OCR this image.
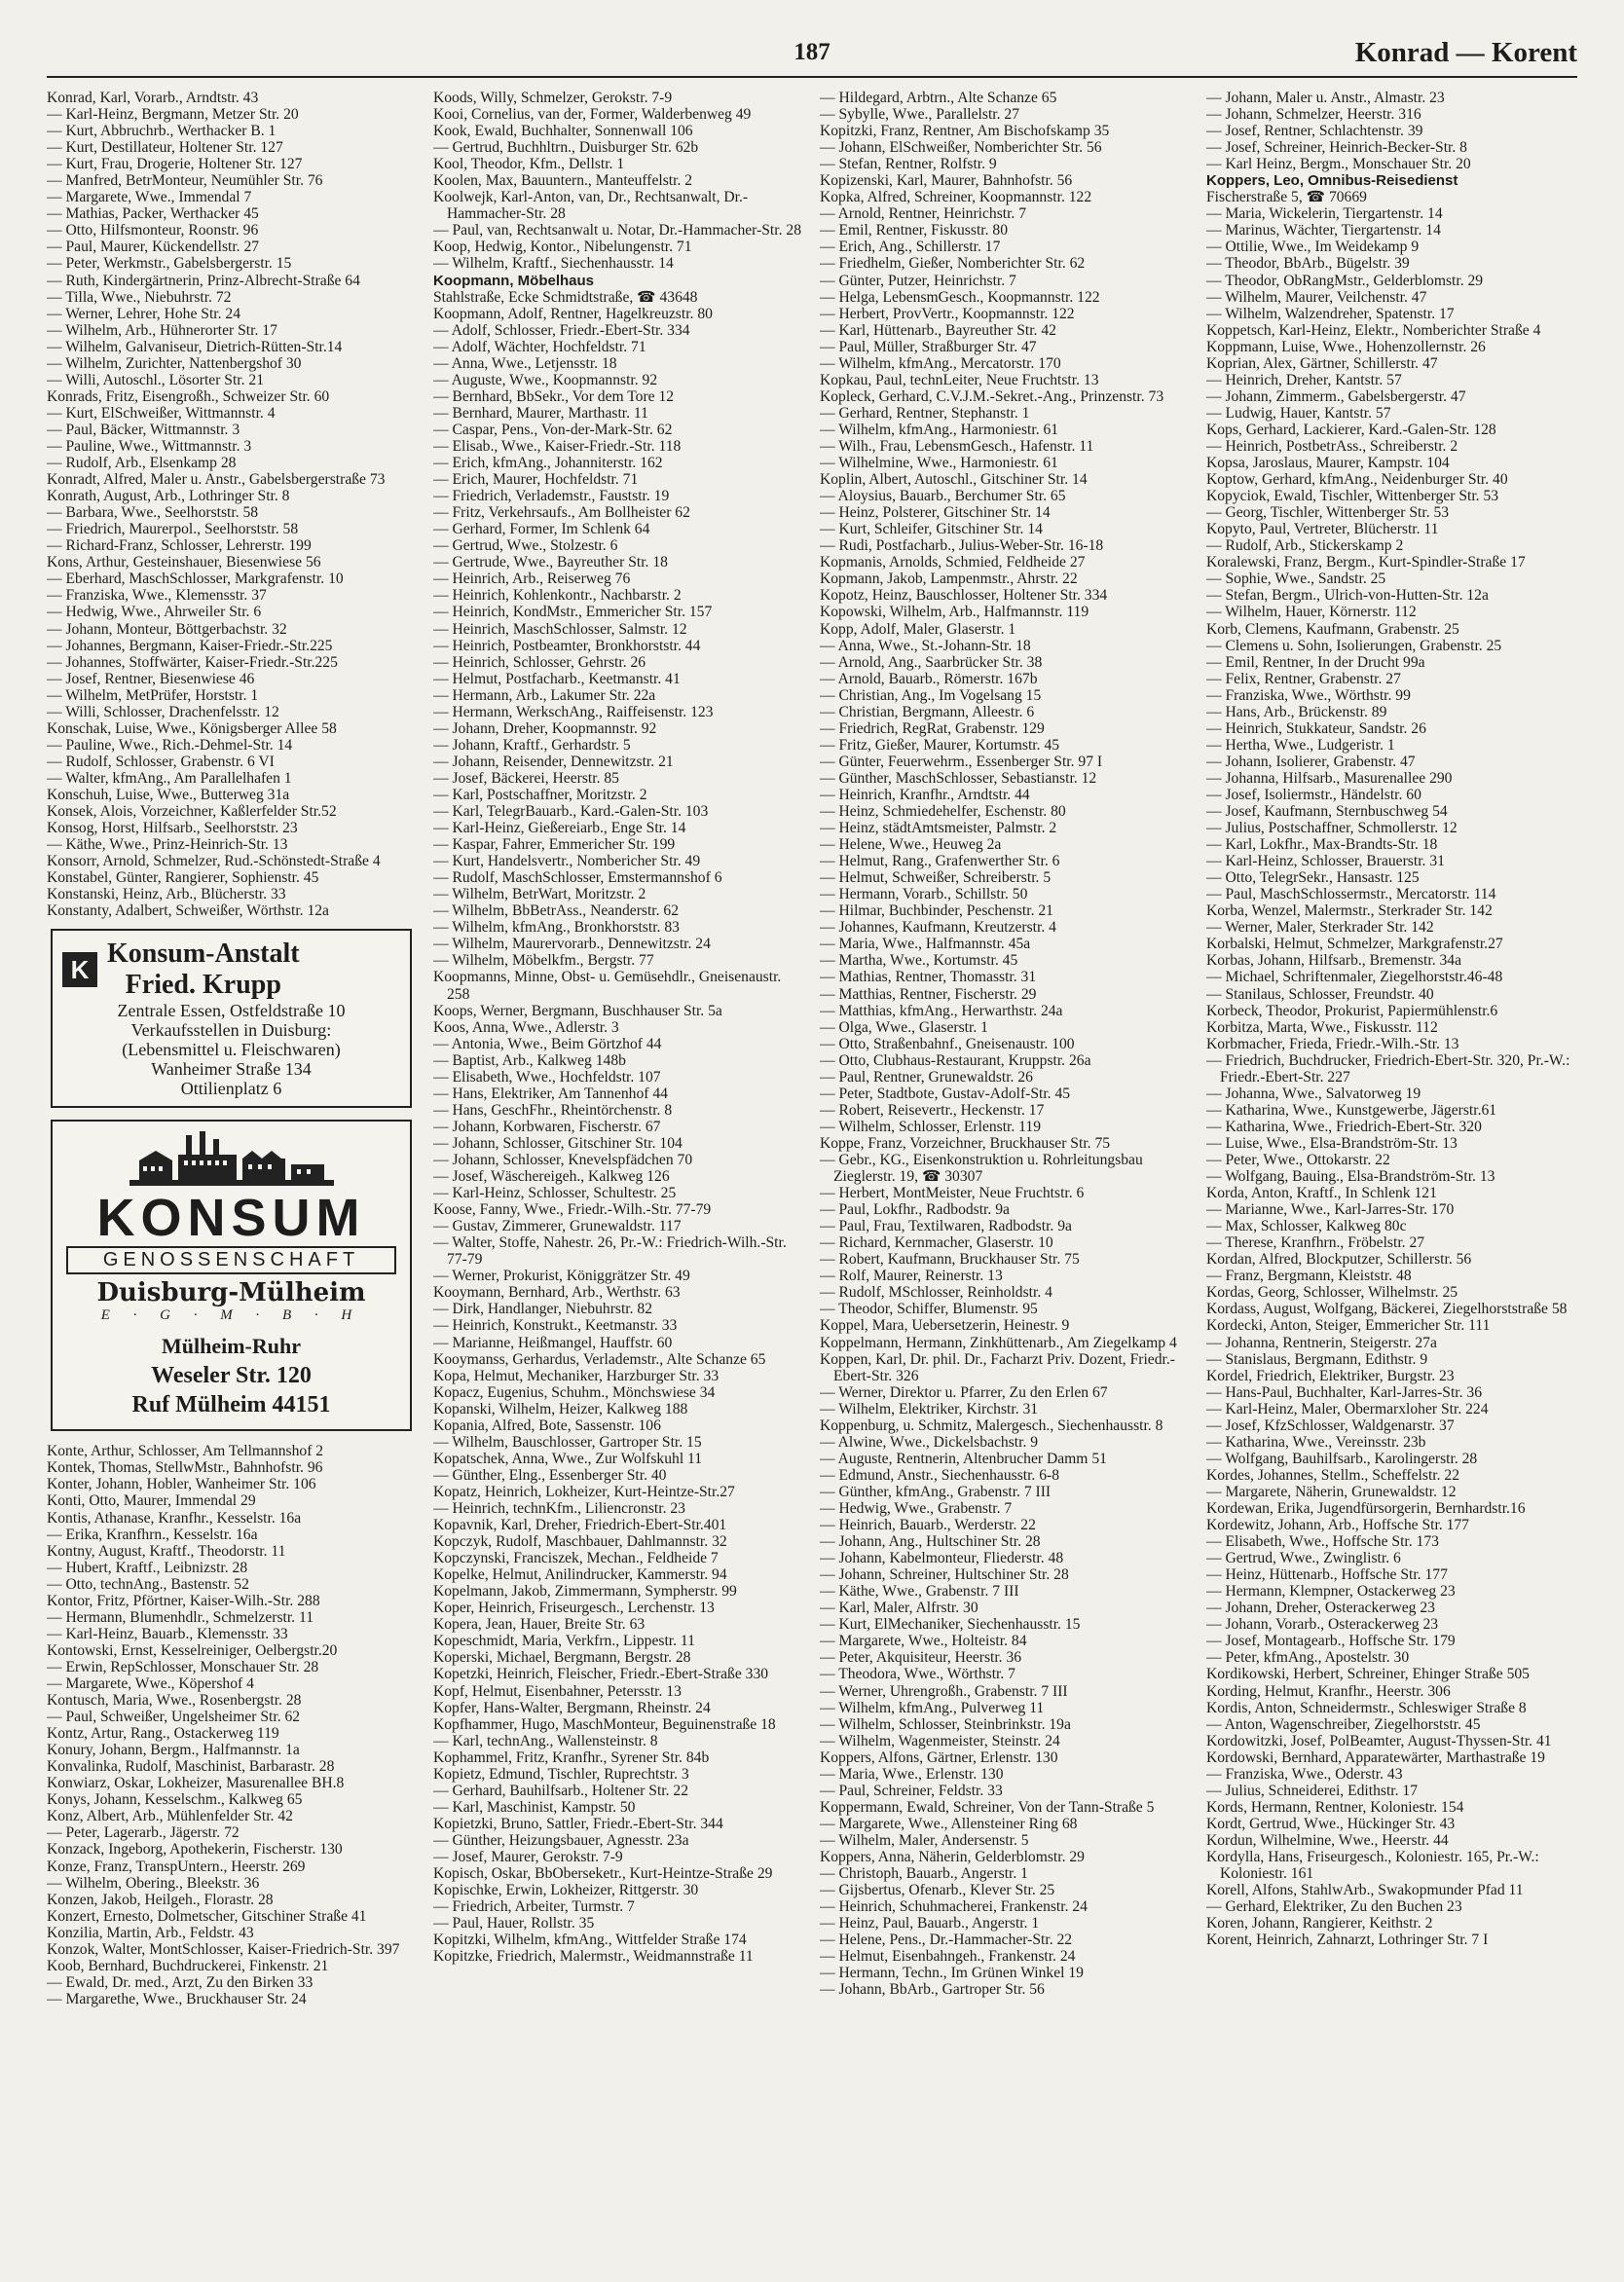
187	Konrad — Korent
Konrad, Karl, Vorarb., Arndtstr. 43
— Karl-Heinz, Bergmann, Metzer Str. 20
— Kurt, Abbruchrb., Werthacker B. 1
— Kurt, Destillateur, Holtener Str. 127
— Kurt, Frau, Drogerie, Holtener Str. 127
— Manfred, BetrMonteur, Neumühler Str. 76
— Margarete, Wwe., Immendal 7
— Mathias, Packer, Werthacker 45
— Otto, Hilfsmonteur, Roonstr. 96
— Paul, Maurer, Kückendellstr. 27
— Peter, Werkmstr., Gabelsbergerstr. 15
— Ruth, Kindergärtnerin, Prinz-Albrecht-Straße 64
— Tilla, Wwe., Niebuhrstr. 72
— Werner, Lehrer, Hohe Str. 24
— Wilhelm, Arb., Hühnerorter Str. 17
— Wilhelm, Galvaniseur, Dietrich-Rütten-Str.14
— Wilhelm, Zurichter, Nattenbergshof 30
— Willi, Autoschl., Lösorter Str. 21
Konrads, Fritz, Eisengroßh., Schweizer Str. 60
— Kurt, ElSchweißer, Wittmannstr. 4
— Paul, Bäcker, Wittmannstr. 3
— Pauline, Wwe., Wittmannstr. 3
— Rudolf, Arb., Elsenkamp 28
Konradt, Alfred, Maler u. Anstr., Gabelsbergerstraße 73
Konrath, August, Arb., Lothringer Str. 8
— Barbara, Wwe., Seelhorststr. 58
— Friedrich, Maurerpol., Seelhorststr. 58
— Richard-Franz, Schlosser, Lehrerstr. 199
Kons, Arthur, Gesteinshauer, Biesenwiese 56
— Eberhard, MaschSchlosser, Markgrafenstr. 10
— Franziska, Wwe., Klemensstr. 37
— Hedwig, Wwe., Ahrweiler Str. 6
— Johann, Monteur, Böttgerbachstr. 32
— Johannes, Bergmann, Kaiser-Friedr.-Str.225
— Johannes, Stoffwärter, Kaiser-Friedr.-Str.225
— Josef, Rentner, Biesenwiese 46
— Wilhelm, MetPrüfer, Horststr. 1
— Willi, Schlosser, Drachenfelsstr. 12
Konschak, Luise, Wwe., Königsberger Allee 58
— Pauline, Wwe., Rich.-Dehmel-Str. 14
— Rudolf, Schlosser, Grabenstr. 6 VI
— Walter, kfmAng., Am Parallelhafen 1
Konschuh, Luise, Wwe., Butterweg 31a
Konsek, Alois, Vorzeichner, Kaßlerfelder Str.52
Konsog, Horst, Hilfsarb., Seelhorststr. 23
— Käthe, Wwe., Prinz-Heinrich-Str. 13
Konsorr, Arnold, Schmelzer, Rud.-Schönstedt-Straße 4
Konstabel, Günter, Rangierer, Sophienstr. 45
Konstanski, Heinz, Arb., Blücherstr. 33
Konstanty, Adalbert, Schweißer, Wörthstr. 12a
K
Konsum-Anstalt
Fried. Krupp
Zentrale Essen, Ostfeldstraße 10
Verkaufsstellen in Duisburg:
(Lebensmittel u. Fleischwaren)
Wanheimer Straße 134
Ottilienplatz 6
KONSUM
GENOSSENSCHAFT
Duisburg-Mülheim
E · G · M · B · H
Mülheim-Ruhr
Weseler Str. 120
Ruf Mülheim 44151
Konte, Arthur, Schlosser, Am Tellmannshof 2
Kontek, Thomas, StellwMstr., Bahnhofstr. 96
Konter, Johann, Hobler, Wanheimer Str. 106
Konti, Otto, Maurer, Immendal 29
Kontis, Athanase, Kranfhr., Kesselstr. 16a
— Erika, Kranfhrn., Kesselstr. 16a
Kontny, August, Kraftf., Theodorstr. 11
— Hubert, Kraftf., Leibnizstr. 28
— Otto, technAng., Bastenstr. 52
Kontor, Fritz, Pförtner, Kaiser-Wilh.-Str. 288
— Hermann, Blumenhdlr., Schmelzerstr. 11
— Karl-Heinz, Bauarb., Klemensstr. 33
Kontowski, Ernst, Kesselreiniger, Oelbergstr.20
— Erwin, RepSchlosser, Monschauer Str. 28
— Margarete, Wwe., Köpershof 4
Kontusch, Maria, Wwe., Rosenbergstr. 28
— Paul, Schweißer, Ungelsheimer Str. 62
Kontz, Artur, Rang., Ostackerweg 119
Konury, Johann, Bergm., Halfmannstr. 1a
Konvalinka, Rudolf, Maschinist, Barbarastr. 28
Konwiarz, Oskar, Lokheizer, Masurenallee BH.8
Konys, Johann, Kesselschm., Kalkweg 65
Konz, Albert, Arb., Mühlenfelder Str. 42
— Peter, Lagerarb., Jägerstr. 72
Konzack, Ingeborg, Apothekerin, Fischerstr. 130
Konze, Franz, TranspUntern., Heerstr. 269
— Wilhelm, Obering., Bleekstr. 36
Konzen, Jakob, Heilgeh., Florastr. 28
Konzert, Ernesto, Dolmetscher, Gitschiner Straße 41
Konzilia, Martin, Arb., Feldstr. 43
Konzok, Walter, MontSchlosser, Kaiser-Friedrich-Str. 397
Koob, Bernhard, Buchdruckerei, Finkenstr. 21
— Ewald, Dr. med., Arzt, Zu den Birken 33
— Margarethe, Wwe., Bruckhauser Str. 24
Koods, Willy, Schmelzer, Gerokstr. 7-9
Kooi, Cornelius, van der, Former, Walderbenweg 49
Kook, Ewald, Buchhalter, Sonnenwall 106
— Gertrud, Buchhltrn., Duisburger Str. 62b
Kool, Theodor, Kfm., Dellstr. 1
Koolen, Max, Bauuntern., Manteuffelstr. 2
Koolwejk, Karl-Anton, van, Dr., Rechtsanwalt, Dr.-Hammacher-Str. 28
— Paul, van, Rechtsanwalt u. Notar, Dr.-Hammacher-Str. 28
Koop, Hedwig, Kontor., Nibelungenstr. 71
— Wilhelm, Kraftf., Siechenhausstr. 14
Koopmann, Möbelhaus
Stahlstraße, Ecke Schmidtstraße, ☎ 43648
Koopmann, Adolf, Rentner, Hagelkreuzstr. 80
— Adolf, Schlosser, Friedr.-Ebert-Str. 334
— Adolf, Wächter, Hochfeldstr. 71
— Anna, Wwe., Letjensstr. 18
— Auguste, Wwe., Koopmannstr. 92
— Bernhard, BbSekr., Vor dem Tore 12
— Bernhard, Maurer, Marthastr. 11
— Caspar, Pens., Von-der-Mark-Str. 62
— Elisab., Wwe., Kaiser-Friedr.-Str. 118
— Erich, kfmAng., Johanniterstr. 162
— Erich, Maurer, Hochfeldstr. 71
— Friedrich, Verlademstr., Fauststr. 19
— Fritz, Verkehrsaufs., Am Bollheister 62
— Gerhard, Former, Im Schlenk 64
— Gertrud, Wwe., Stolzestr. 6
— Gertrude, Wwe., Bayreuther Str. 18
— Heinrich, Arb., Reiserweg 76
— Heinrich, Kohlenkontr., Nachbarstr. 2
— Heinrich, KondMstr., Emmericher Str. 157
— Heinrich, MaschSchlosser, Salmstr. 12
— Heinrich, Postbeamter, Bronkhorststr. 44
— Heinrich, Schlosser, Gehrstr. 26
— Helmut, Postfacharb., Keetmanstr. 41
— Hermann, Arb., Lakumer Str. 22a
— Hermann, WerkschAng., Raiffeisenstr. 123
— Johann, Dreher, Koopmannstr. 92
— Johann, Kraftf., Gerhardstr. 5
— Johann, Reisender, Dennewitzstr. 21
— Josef, Bäckerei, Heerstr. 85
— Karl, Postschaffner, Moritzstr. 2
— Karl, TelegrBauarb., Kard.-Galen-Str. 103
— Karl-Heinz, Gießereiarb., Enge Str. 14
— Kaspar, Fahrer, Emmericher Str. 199
— Kurt, Handelsvertr., Nombericher Str. 49
— Rudolf, MaschSchlosser, Emstermannshof 6
— Wilhelm, BetrWart, Moritzstr. 2
— Wilhelm, BbBetrAss., Neanderstr. 62
— Wilhelm, kfmAng., Bronkhorststr. 83
— Wilhelm, Maurervorarb., Dennewitzstr. 24
— Wilhelm, Möbelkfm., Bergstr. 77
Koopmanns, Minne, Obst- u. Gemüsehdlr., Gneisenaustr. 258
Koops, Werner, Bergmann, Buschhauser Str. 5a
Koos, Anna, Wwe., Adlerstr. 3
— Antonia, Wwe., Beim Görtzhof 44
— Baptist, Arb., Kalkweg 148b
— Elisabeth, Wwe., Hochfeldstr. 107
— Hans, Elektriker, Am Tannenhof 44
— Hans, GeschFhr., Rheintörchenstr. 8
— Johann, Korbwaren, Fischerstr. 67
— Johann, Schlosser, Gitschiner Str. 104
— Johann, Schlosser, Knevelspfädchen 70
— Josef, Wäschereigeh., Kalkweg 126
— Karl-Heinz, Schlosser, Schultestr. 25
Koose, Fanny, Wwe., Friedr.-Wilh.-Str. 77-79
— Gustav, Zimmerer, Grunewaldstr. 117
— Walter, Stoffe, Nahestr. 26, Pr.-W.: Friedrich-Wilh.-Str. 77-79
— Werner, Prokurist, Königgrätzer Str. 49
Kooymann, Bernhard, Arb., Werthstr. 63
— Dirk, Handlanger, Niebuhrstr. 82
— Heinrich, Konstrukt., Keetmanstr. 33
— Marianne, Heißmangel, Hauffstr. 60
Kooymanss, Gerhardus, Verlademstr., Alte Schanze 65
Kopa, Helmut, Mechaniker, Harzburger Str. 33
Kopacz, Eugenius, Schuhm., Mönchswiese 34
Kopanski, Wilhelm, Heizer, Kalkweg 188
Kopania, Alfred, Bote, Sassenstr. 106
— Wilhelm, Bauschlosser, Gartroper Str. 15
Kopatschek, Anna, Wwe., Zur Wolfskuhl 11
— Günther, Elng., Essenberger Str. 40
Kopatz, Heinrich, Lokheizer, Kurt-Heintze-Str.27
— Heinrich, technKfm., Liliencronstr. 23
Kopavnik, Karl, Dreher, Friedrich-Ebert-Str.401
Kopczyk, Rudolf, Maschbauer, Dahlmannstr. 32
Kopczynski, Franciszek, Mechan., Feldheide 7
Kopelke, Helmut, Anilindrucker, Kammerstr. 94
Kopelmann, Jakob, Zimmermann, Sympherstr. 99
Koper, Heinrich, Friseurgesch., Lerchenstr. 13
Kopera, Jean, Hauer, Breite Str. 63
Kopeschmidt, Maria, Verkfrn., Lippestr. 11
Koperski, Michael, Bergmann, Bergstr. 28
Kopetzki, Heinrich, Fleischer, Friedr.-Ebert-Straße 330
Kopf, Helmut, Eisenbahner, Petersstr. 13
Kopfer, Hans-Walter, Bergmann, Rheinstr. 24
Kopfhammer, Hugo, MaschMonteur, Beguinenstraße 18
— Karl, technAng., Wallensteinstr. 8
Kophammel, Fritz, Kranfhr., Syrener Str. 84b
Kopietz, Edmund, Tischler, Ruprechtstr. 3
— Gerhard, Bauhilfsarb., Holtener Str. 22
— Karl, Maschinist, Kampstr. 50
Kopietzki, Bruno, Sattler, Friedr.-Ebert-Str. 344
— Günther, Heizungsbauer, Agnesstr. 23a
— Josef, Maurer, Gerokstr. 7-9
Kopisch, Oskar, BbOberseketr., Kurt-Heintze-Straße 29
Kopischke, Erwin, Lokheizer, Rittgerstr. 30
— Friedrich, Arbeiter, Turmstr. 7
— Paul, Hauer, Rollstr. 35
Kopitzki, Wilhelm, kfmAng., Wittfelder Straße 174
Kopitzke, Friedrich, Malermstr., Weidmannstraße 11
— Hildegard, Arbtrn., Alte Schanze 65
— Sybylle, Wwe., Parallelstr. 27
Kopitzki, Franz, Rentner, Am Bischofskamp 35
— Johann, ElSchweißer, Nomberichter Str. 56
— Stefan, Rentner, Rolfstr. 9
Kopizenski, Karl, Maurer, Bahnhofstr. 56
Kopka, Alfred, Schreiner, Koopmannstr. 122
— Arnold, Rentner, Heinrichstr. 7
— Emil, Rentner, Fiskusstr. 80
— Erich, Ang., Schillerstr. 17
— Friedhelm, Gießer, Nomberichter Str. 62
— Günter, Putzer, Heinrichstr. 7
— Helga, LebensmGesch., Koopmannstr. 122
— Herbert, ProvVertr., Koopmannstr. 122
— Karl, Hüttenarb., Bayreuther Str. 42
— Paul, Müller, Straßburger Str. 47
— Wilhelm, kfmAng., Mercatorstr. 170
Kopkau, Paul, technLeiter, Neue Fruchtstr. 13
Kopleck, Gerhard, C.V.J.M.-Sekret.-Ang., Prinzenstr. 73
— Gerhard, Rentner, Stephanstr. 1
— Wilhelm, kfmAng., Harmoniestr. 61
— Wilh., Frau, LebensmGesch., Hafenstr. 11
— Wilhelmine, Wwe., Harmoniestr. 61
Koplin, Albert, Autoschl., Gitschiner Str. 14
— Aloysius, Bauarb., Berchumer Str. 65
— Heinz, Polsterer, Gitschiner Str. 14
— Kurt, Schleifer, Gitschiner Str. 14
— Rudi, Postfacharb., Julius-Weber-Str. 16-18
Kopmanis, Arnolds, Schmied, Feldheide 27
Kopmann, Jakob, Lampenmstr., Ahrstr. 22
Kopotz, Heinz, Bauschlosser, Holtener Str. 334
Kopowski, Wilhelm, Arb., Halfmannstr. 119
Kopp, Adolf, Maler, Glaserstr. 1
— Anna, Wwe., St.-Johann-Str. 18
— Arnold, Ang., Saarbrücker Str. 38
— Arnold, Bauarb., Römerstr. 167b
— Christian, Ang., Im Vogelsang 15
— Christian, Bergmann, Alleestr. 6
— Friedrich, RegRat, Grabenstr. 129
— Fritz, Gießer, Maurer, Kortumstr. 45
— Günter, Feuerwehrm., Essenberger Str. 97 I
— Günther, MaschSchlosser, Sebastianstr. 12
— Heinrich, Kranfhr., Arndtstr. 44
— Heinz, Schmiedehelfer, Eschenstr. 80
— Heinz, städtAmtsmeister, Palmstr. 2
— Helene, Wwe., Heuweg 2a
— Helmut, Rang., Grafenwerther Str. 6
— Helmut, Schweißer, Schreiberstr. 5
— Hermann, Vorarb., Schillstr. 50
— Hilmar, Buchbinder, Peschenstr. 21
— Johannes, Kaufmann, Kreutzerstr. 4
— Maria, Wwe., Halfmannstr. 45a
— Martha, Wwe., Kortumstr. 45
— Mathias, Rentner, Thomasstr. 31
— Matthias, Rentner, Fischerstr. 29
— Matthias, kfmAng., Herwarthstr. 24a
— Olga, Wwe., Glaserstr. 1
— Otto, Straßenbahnf., Gneisenaustr. 100
— Otto, Clubhaus-Restaurant, Kruppstr. 26a
— Paul, Rentner, Grunewaldstr. 26
— Peter, Stadtbote, Gustav-Adolf-Str. 45
— Robert, Reisevertr., Heckenstr. 17
— Wilhelm, Schlosser, Erlenstr. 119
Koppe, Franz, Vorzeichner, Bruckhauser Str. 75
— Gebr., KG., Eisenkonstruktion u. Rohrleitungsbau Zieglerstr. 19, ☎ 30307
— Herbert, MontMeister, Neue Fruchtstr. 6
— Paul, Lokfhr., Radbodstr. 9a
— Paul, Frau, Textilwaren, Radbodstr. 9a
— Richard, Kernmacher, Glaserstr. 10
— Robert, Kaufmann, Bruckhauser Str. 75
— Rolf, Maurer, Reinerstr. 13
— Rudolf, MSchlosser, Reinholdstr. 4
— Theodor, Schiffer, Blumenstr. 95
Koppel, Mara, Uebersetzerin, Heinestr. 9
Koppelmann, Hermann, Zinkhüttenarb., Am Ziegelkamp 4
Koppen, Karl, Dr. phil. Dr., Facharzt Priv. Dozent, Friedr.-Ebert-Str. 326
— Werner, Direktor u. Pfarrer, Zu den Erlen 67
— Wilhelm, Elektriker, Kirchstr. 31
Koppenburg, u. Schmitz, Malergesch., Siechenhausstr. 8
— Alwine, Wwe., Dickelsbachstr. 9
— Auguste, Rentnerin, Altenbrucher Damm 51
— Edmund, Anstr., Siechenhausstr. 6-8
— Günther, kfmAng., Grabenstr. 7 III
— Hedwig, Wwe., Grabenstr. 7
— Heinrich, Bauarb., Werderstr. 22
— Johann, Ang., Hultschiner Str. 28
— Johann, Kabelmonteur, Fliederstr. 48
— Johann, Schreiner, Hultschiner Str. 28
— Käthe, Wwe., Grabenstr. 7 III
— Karl, Maler, Alfrstr. 30
— Kurt, ElMechaniker, Siechenhausstr. 15
— Margarete, Wwe., Holteistr. 84
— Peter, Akquisiteur, Heerstr. 36
— Theodora, Wwe., Wörthstr. 7
— Werner, Uhrengroßh., Grabenstr. 7 III
— Wilhelm, kfmAng., Pulverweg 11
— Wilhelm, Schlosser, Steinbrinkstr. 19a
— Wilhelm, Wagenmeister, Steinstr. 24
Koppers, Alfons, Gärtner, Erlenstr. 130
— Maria, Wwe., Erlenstr. 130
— Paul, Schreiner, Feldstr. 33
Koppermann, Ewald, Schreiner, Von der Tann-Straße 5
— Margarete, Wwe., Allensteiner Ring 68
— Wilhelm, Maler, Andersenstr. 5
Koppers, Anna, Näherin, Gelderblomstr. 29
— Christoph, Bauarb., Angerstr. 1
— Gijsbertus, Ofenarb., Klever Str. 25
— Heinrich, Schuhmacherei, Frankenstr. 24
— Heinz, Paul, Bauarb., Angerstr. 1
— Helene, Pens., Dr.-Hammacher-Str. 22
— Helmut, Eisenbahngeh., Frankenstr. 24
— Hermann, Techn., Im Grünen Winkel 19
— Johann, BbArb., Gartroper Str. 56
— Johann, Maler u. Anstr., Almastr. 23
— Johann, Schmelzer, Heerstr. 316
— Josef, Rentner, Schlachtenstr. 39
— Josef, Schreiner, Heinrich-Becker-Str. 8
— Karl Heinz, Bergm., Monschauer Str. 20
Koppers, Leo, Omnibus-Reisedienst
Fischerstraße 5, ☎ 70669
— Maria, Wickelerin, Tiergartenstr. 14
— Marinus, Wächter, Tiergartenstr. 14
— Ottilie, Wwe., Im Weidekamp 9
— Theodor, BbArb., Bügelstr. 39
— Theodor, ObRangMstr., Gelderblomstr. 29
— Wilhelm, Maurer, Veilchenstr. 47
— Wilhelm, Walzendreher, Spatenstr. 17
Koppetsch, Karl-Heinz, Elektr., Nomberichter Straße 4
Koppmann, Luise, Wwe., Hohenzollernstr. 26
Koprian, Alex, Gärtner, Schillerstr. 47
— Heinrich, Dreher, Kantstr. 57
— Johann, Zimmerm., Gabelsbergerstr. 47
— Ludwig, Hauer, Kantstr. 57
Kops, Gerhard, Lackierer, Kard.-Galen-Str. 128
— Heinrich, PostbetrAss., Schreiberstr. 2
Kopsa, Jaroslaus, Maurer, Kampstr. 104
Koptow, Gerhard, kfmAng., Neidenburger Str. 40
Kopyciok, Ewald, Tischler, Wittenberger Str. 53
— Georg, Tischler, Wittenberger Str. 53
Kopyto, Paul, Vertreter, Blücherstr. 11
— Rudolf, Arb., Stickerskamp 2
Koralewski, Franz, Bergm., Kurt-Spindler-Straße 17
— Sophie, Wwe., Sandstr. 25
— Stefan, Bergm., Ulrich-von-Hutten-Str. 12a
— Wilhelm, Hauer, Körnerstr. 112
Korb, Clemens, Kaufmann, Grabenstr. 25
— Clemens u. Sohn, Isolierungen, Grabenstr. 25
— Emil, Rentner, In der Drucht 99a
— Felix, Rentner, Grabenstr. 27
— Franziska, Wwe., Wörthstr. 99
— Hans, Arb., Brückenstr. 89
— Heinrich, Stukkateur, Sandstr. 26
— Hertha, Wwe., Ludgeristr. 1
— Johann, Isolierer, Grabenstr. 47
— Johanna, Hilfsarb., Masurenallee 290
— Josef, Isoliermstr., Händelstr. 60
— Josef, Kaufmann, Sternbuschweg 54
— Julius, Postschaffner, Schmollerstr. 12
— Karl, Lokfhr., Max-Brandts-Str. 18
— Karl-Heinz, Schlosser, Brauerstr. 31
— Otto, TelegrSekr., Hansastr. 125
— Paul, MaschSchlossermstr., Mercatorstr. 114
Korba, Wenzel, Malermstr., Sterkrader Str. 142
— Werner, Maler, Sterkrader Str. 142
Korbalski, Helmut, Schmelzer, Markgrafenstr.27
Korbas, Johann, Hilfsarb., Bremenstr. 34a
— Michael, Schriftenmaler, Ziegelhorststr.46-48
— Stanilaus, Schlosser, Freundstr. 40
Korbeck, Theodor, Prokurist, Papiermühlenstr.6
Korbitza, Marta, Wwe., Fiskusstr. 112
Korbmacher, Frieda, Friedr.-Wilh.-Str. 13
— Friedrich, Buchdrucker, Friedrich-Ebert-Str. 320, Pr.-W.: Friedr.-Ebert-Str. 227
— Johanna, Wwe., Salvatorweg 19
— Katharina, Wwe., Kunstgewerbe, Jägerstr.61
— Katharina, Wwe., Friedrich-Ebert-Str. 320
— Luise, Wwe., Elsa-Brandström-Str. 13
— Peter, Wwe., Ottokarstr. 22
— Wolfgang, Bauing., Elsa-Brandström-Str. 13
Korda, Anton, Kraftf., In Schlenk 121
— Marianne, Wwe., Karl-Jarres-Str. 170
— Max, Schlosser, Kalkweg 80c
— Therese, Kranfhrn., Fröbelstr. 27
Kordan, Alfred, Blockputzer, Schillerstr. 56
— Franz, Bergmann, Kleiststr. 48
Kordas, Georg, Schlosser, Wilhelmstr. 25
Kordass, August, Wolfgang, Bäckerei, Ziegelhorststraße 58
Kordecki, Anton, Steiger, Emmericher Str. 111
— Johanna, Rentnerin, Steigerstr. 27a
— Stanislaus, Bergmann, Edithstr. 9
Kordel, Friedrich, Elektriker, Burgstr. 23
— Hans-Paul, Buchhalter, Karl-Jarres-Str. 36
— Karl-Heinz, Maler, Obermarxloher Str. 224
— Josef, KfzSchlosser, Waldgenarstr. 37
— Katharina, Wwe., Vereinsstr. 23b
— Wolfgang, Bauhilfsarb., Karolingerstr. 28
Kordes, Johannes, Stellm., Scheffelstr. 22
— Margarete, Näherin, Grunewaldstr. 12
Kordewan, Erika, Jugendfürsorgerin, Bernhardstr.16
Kordewitz, Johann, Arb., Hoffsche Str. 177
— Elisabeth, Wwe., Hoffsche Str. 173
— Gertrud, Wwe., Zwinglistr. 6
— Heinz, Hüttenarb., Hoffsche Str. 177
— Hermann, Klempner, Ostackerweg 23
— Johann, Dreher, Osterackerweg 23
— Johann, Vorarb., Osterackerweg 23
— Josef, Montagearb., Hoffsche Str. 179
— Peter, kfmAng., Apostelstr. 30
Kordikowski, Herbert, Schreiner, Ehinger Straße 505
Kording, Helmut, Kranfhr., Heerstr. 306
Kordis, Anton, Schneidermstr., Schleswiger Straße 8
— Anton, Wagenschreiber, Ziegelhorststr. 45
Kordowitzki, Josef, PolBeamter, August-Thyssen-Str. 41
Kordowski, Bernhard, Apparatewärter, Marthastraße 19
— Franziska, Wwe., Oderstr. 43
— Julius, Schneiderei, Edithstr. 17
Kords, Hermann, Rentner, Koloniestr. 154
Kordt, Gertrud, Wwe., Hückinger Str. 43
Kordun, Wilhelmine, Wwe., Heerstr. 44
Kordylla, Hans, Friseurgesch., Koloniestr. 165, Pr.-W.: Koloniestr. 161
Korell, Alfons, StahlwArb., Swakopmunder Pfad 11
— Gerhard, Elektriker, Zu den Buchen 23
Koren, Johann, Rangierer, Keithstr. 2
Korent, Heinrich, Zahnarzt, Lothringer Str. 7 I
